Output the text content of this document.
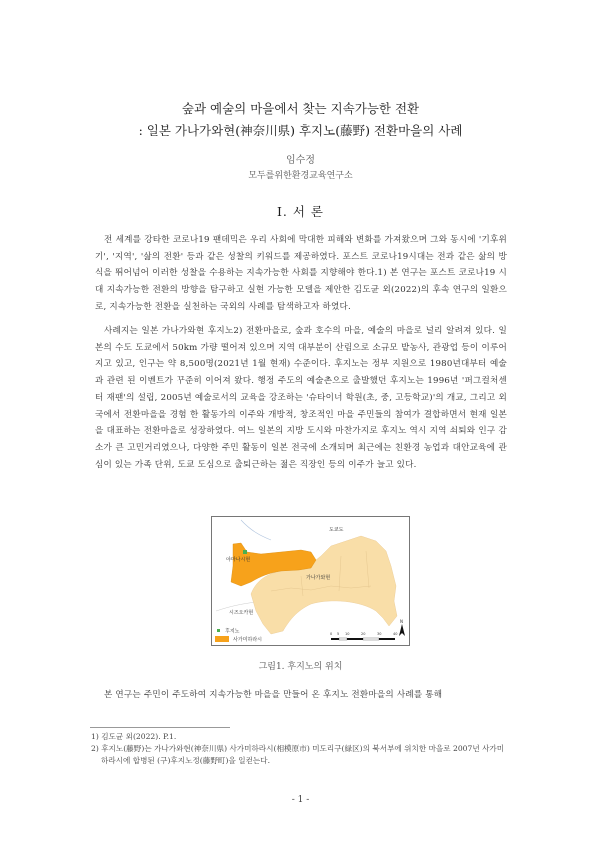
숲과 예술의 마을에서 찾는 지속가능한 전환
: 일본 가나가와현(神奈川県) 후지노(藤野) 전환마을의 사례
임수정
모두를위한환경교육연구소
Ⅰ. 서 론

전 세계를 강타한 코로나19 팬데믹은 우리 사회에 막대한 피해와 변화를 가져왔으며 그와 동시에 '기후위기', '지역', '삶의 전환' 등과 같은 성찰의 키워드를 제공하였다. 포스트 코로나19시대는 전과 같은 삶의 방식을 뛰어넘어 이러한 성찰을 수용하는 지속가능한 사회를 지향해야 한다.1) 본 연구는 포스트 코로나19 시대 지속가능한 전환의 방향을 탐구하고 실현 가능한 모델을 제안한 김도균 외(2022)의 후속 연구의 일환으로, 지속가능한 전환을 실천하는 국외의 사례를 탐색하고자 하였다.

사례지는 일본 가나가와현 후지노2) 전환마을로, 숲과 호수의 마을, 예술의 마을로 널리 알려져 있다. 일본의 수도 도쿄에서 50km 가량 떨어져 있으며 지역 대부분이 산림으로 소규모 밭농사, 관광업 등이 이루어지고 있고, 인구는 약 8,500명(2021년 1월 현재) 수준이다. 후지노는 정부 지원으로 1980년대부터 예술과 관련 된 이벤트가 꾸준히 이어져 왔다. 행정 주도의 예술촌으로 출발했던 후지노는 1996년 '퍼그컬처센터 재팬'의 설립, 2005년 예술로서의 교육을 강조하는 '슈타이너 학원(초, 중, 고등학교)'의 개교, 그리고 외국에서 전환마을을 경험 한 활동가의 이주와 개방적, 창조적인 마을 주민들의 참여가 결합하면서 현재 일본을 대표하는 전환마을로 성장하였다. 여느 일본의 지방 도시와 마찬가지로 후지노 역시 지역 쇠퇴와 인구 감소가 큰 고민거리였으나, 다양한 주민 활동이 일본 전국에 소개되며 최근에는 친환경 농업과 대안교육에 관심이 있는 가족 단위, 도쿄 도심으로 출퇴근하는 젊은 직장인 등의 이주가 늘고 있다.

도쿄도
야마나시현
가나가와현
시즈오카현
후지노
사가미하라시
0 5 10	20	30	40
N
그림1. 후지노의 위치

본 연구는 주민이 주도하여 지속가능한 마을을 만들어 온 후지노 전환마을의 사례를 통해

1) 김도균 외(2022). P.1.
2) 후지노(藤野)는 가나가와현(神奈川県) 사가미하라시(相模原市) 미도리구(緑区)의 북서부에 위치한 마을로 2007년 사가미하라시에 합병된 (구)후지노정(藤野町)을 일컫는다.
- 1 -
